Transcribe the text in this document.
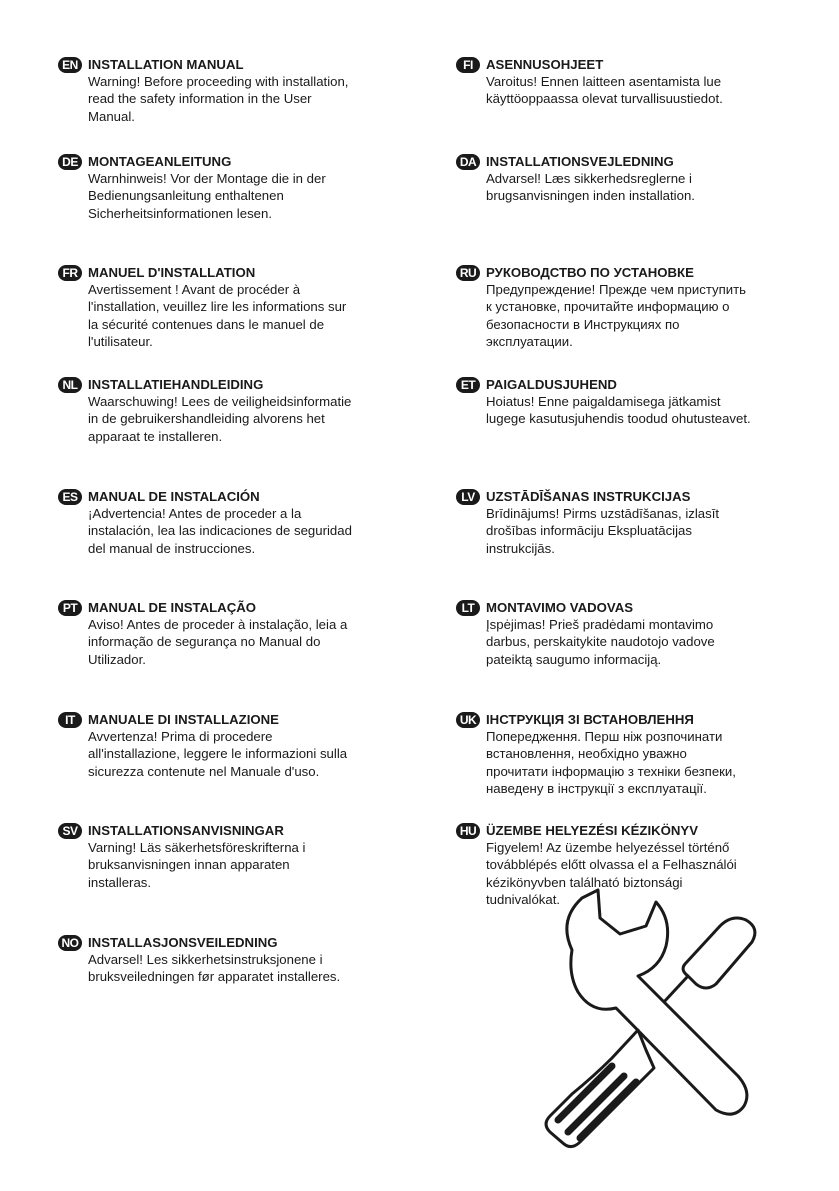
EN INSTALLATION MANUAL
Warning! Before proceeding with installation,
read the safety information in the User
Manual.
DE MONTAGEANLEITUNG
Warnhinweis! Vor der Montage die in der
Bedienungsanleitung enthaltenen
Sicherheitsinformationen lesen.
FR MANUEL D'INSTALLATION
Avertissement ! Avant de procéder à
l'installation, veuillez lire les informations sur
la sécurité contenues dans le manuel de
l'utilisateur.
NL INSTALLATIEHANDLEIDING
Waarschuwing! Lees de veiligheidsinformatie
in de gebruikershandleiding alvorens het
apparaat te installeren.
ES MANUAL DE INSTALACIÓN
¡Advertencia! Antes de proceder a la
instalación, lea las indicaciones de seguridad
del manual de instrucciones.
PT MANUAL DE INSTALAÇÃO
Aviso! Antes de proceder à instalação, leia a
informação de segurança no Manual do
Utilizador.
IT MANUALE DI INSTALLAZIONE
Avvertenza! Prima di procedere
all'installazione, leggere le informazioni sulla
sicurezza contenute nel Manuale d'uso.
SV INSTALLATIONSANVISNINGAR
Varning! Läs säkerhetsföreskrifterna i
bruksanvisningen innan apparaten
installeras.
NO INSTALLASJONSVEILEDNING
Advarsel! Les sikkerhetsinstruksjonene i
bruksveiledningen før apparatet installeres.
FI ASENNUSOHJEET
Varoitus! Ennen laitteen asentamista lue
käyttöoppaassa olevat turvallisuustiedot.
DA INSTALLATIONSVEJLEDNING
Advarsel! Læs sikkerhedsreglerne i
brugsanvisningen inden installation.
RU РУКОВОДСТВО ПО УСТАНОВКЕ
Предупреждение! Прежде чем приступить
к установке, прочитайте информацию о
безопасности в Инструкциях по
эксплуатации.
ET PAIGALDUSJUHEND
Hoiatus! Enne paigaldamisega jätkamist
lugege kasutusjuhendis toodud ohutusteavet.
LV UZSTĀDĪŠANAS INSTRUKCIJAS
Brīdinājums! Pirms uzstādīšanas, izlasīt
drošības informāciju Ekspluatācijas
instrukcijās.
LT MONTAVIMO VADOVAS
Įspėjimas! Prieš pradėdami montavimo
darbus, perskaitykite naudotojo vadove
pateiktą saugumo informaciją.
UK ІНСТРУКЦІЯ ЗІ ВСТАНОВЛЕННЯ
Попередження. Перш ніж розпочинати
встановлення, необхідно уважно
прочитати інформацію з техніки безпеки,
наведену в інструкції з експлуатації.
HU ÜZEMBE HELYEZÉSI KÉZIKÖNYV
Figyelem! Az üzembe helyezéssel történő
továbblépés előtt olvassa el a Felhasználói
kézikönyvben található biztonsági
tudnivalókat.
